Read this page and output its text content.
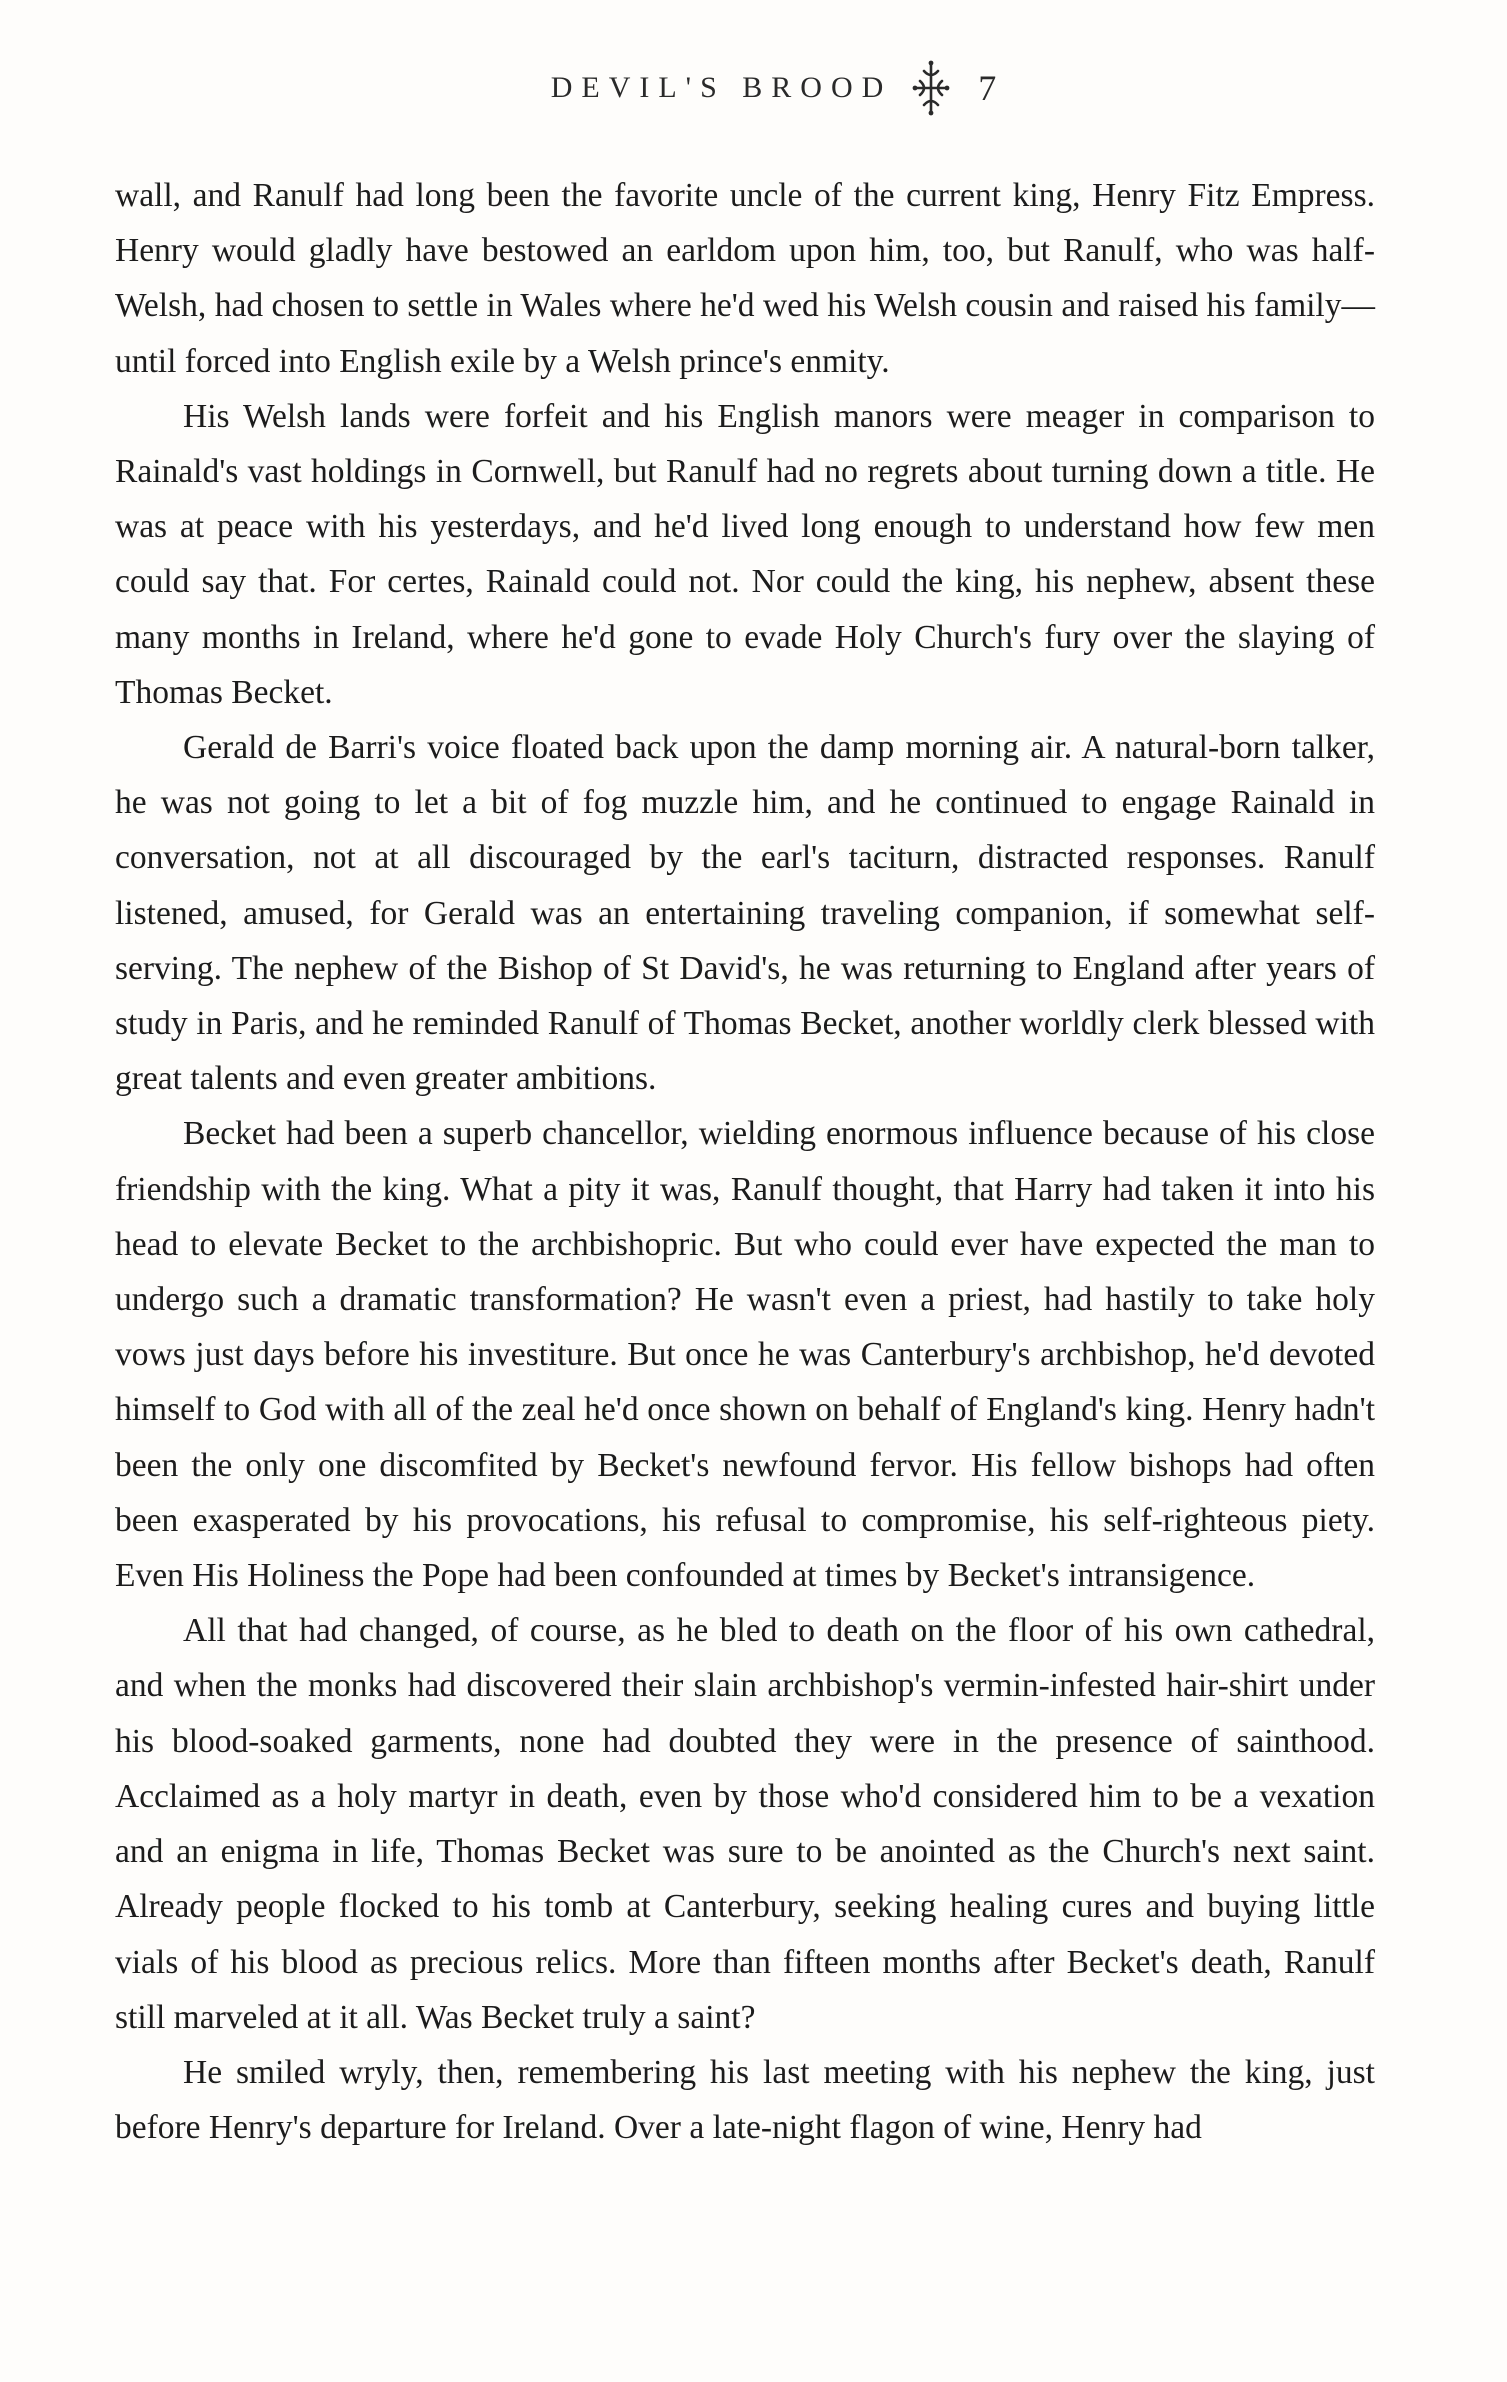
DEVIL'S BROOD 7

wall, and Ranulf had long been the favorite uncle of the current king, Henry Fitz Empress. Henry would gladly have bestowed an earldom upon him, too, but Ranulf, who was half-Welsh, had chosen to settle in Wales where he'd wed his Welsh cousin and raised his family—until forced into English exile by a Welsh prince's enmity.

His Welsh lands were forfeit and his English manors were meager in comparison to Rainald's vast holdings in Cornwell, but Ranulf had no regrets about turning down a title. He was at peace with his yesterdays, and he'd lived long enough to understand how few men could say that. For certes, Rainald could not. Nor could the king, his nephew, absent these many months in Ireland, where he'd gone to evade Holy Church's fury over the slaying of Thomas Becket.

Gerald de Barri's voice floated back upon the damp morning air. A natural-born talker, he was not going to let a bit of fog muzzle him, and he continued to engage Rainald in conversation, not at all discouraged by the earl's taciturn, distracted responses. Ranulf listened, amused, for Gerald was an entertaining traveling companion, if somewhat self-serving. The nephew of the Bishop of St David's, he was returning to England after years of study in Paris, and he reminded Ranulf of Thomas Becket, another worldly clerk blessed with great talents and even greater ambitions.

Becket had been a superb chancellor, wielding enormous influence because of his close friendship with the king. What a pity it was, Ranulf thought, that Harry had taken it into his head to elevate Becket to the archbishopric. But who could ever have expected the man to undergo such a dramatic transformation? He wasn't even a priest, had hastily to take holy vows just days before his investiture. But once he was Canterbury's archbishop, he'd devoted himself to God with all of the zeal he'd once shown on behalf of England's king. Henry hadn't been the only one discomfited by Becket's newfound fervor. His fellow bishops had often been exasperated by his provocations, his refusal to compromise, his self-righteous piety. Even His Holiness the Pope had been confounded at times by Becket's intransigence.

All that had changed, of course, as he bled to death on the floor of his own cathedral, and when the monks had discovered their slain archbishop's vermin-infested hair-shirt under his blood-soaked garments, none had doubted they were in the presence of sainthood. Acclaimed as a holy martyr in death, even by those who'd considered him to be a vexation and an enigma in life, Thomas Becket was sure to be anointed as the Church's next saint. Already people flocked to his tomb at Canterbury, seeking healing cures and buying little vials of his blood as precious relics. More than fifteen months after Becket's death, Ranulf still marveled at it all. Was Becket truly a saint?

He smiled wryly, then, remembering his last meeting with his nephew the king, just before Henry's departure for Ireland. Over a late-night flagon of wine, Henry had
